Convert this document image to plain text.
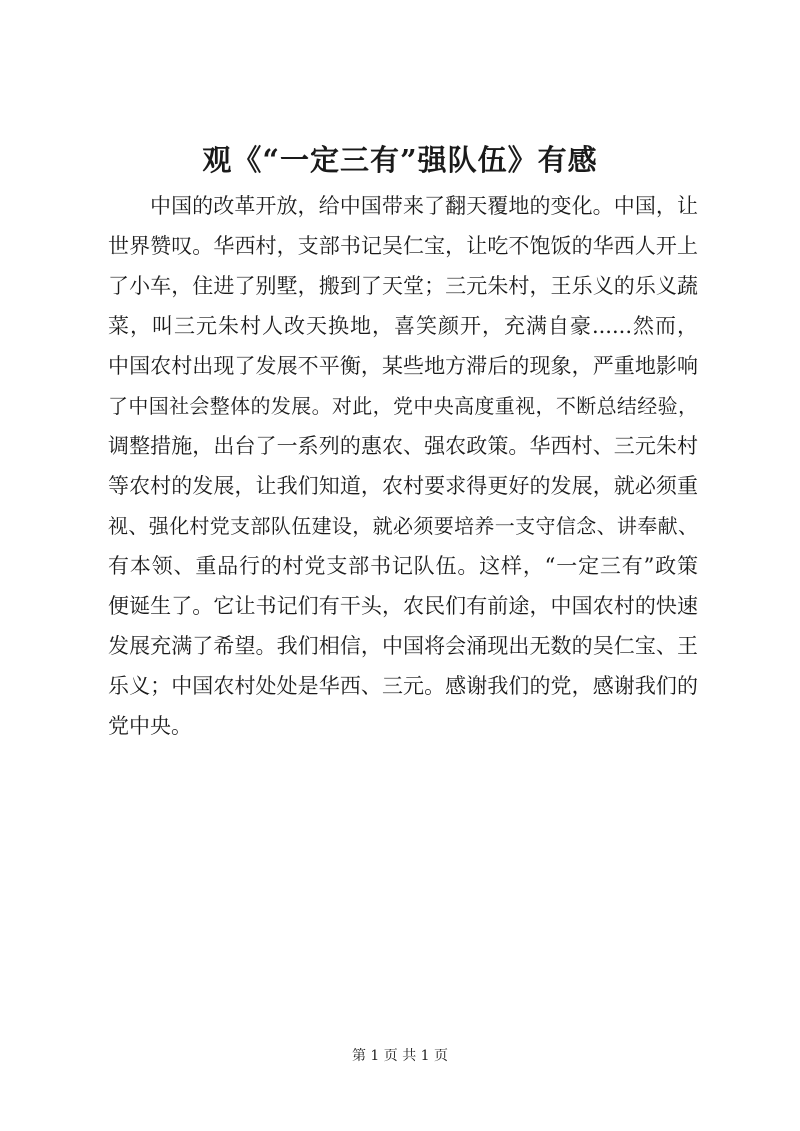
观《“一定三有”强队伍》有感
中国的改革开放，给中国带来了翻天覆地的变化。中国，让
世界赞叹。华西村，支部书记吴仁宝，让吃不饱饭的华西人开上
了小车，住进了别墅，搬到了天堂；三元朱村，王乐义的乐义蔬
菜，叫三元朱村人改天换地，喜笑颜开，充满自豪......然而，
中国农村出现了发展不平衡，某些地方滞后的现象，严重地影响
了中国社会整体的发展。对此，党中央高度重视，不断总结经验，
调整措施，出台了一系列的惠农、强农政策。华西村、三元朱村
等农村的发展，让我们知道，农村要求得更好的发展，就必须重
视、强化村党支部队伍建设，就必须要培养一支守信念、讲奉献、
有本领、重品行的村党支部书记队伍。这样，“一定三有”政策
便诞生了。它让书记们有干头，农民们有前途，中国农村的快速
发展充满了希望。我们相信，中国将会涌现出无数的吴仁宝、王
乐义；中国农村处处是华西、三元。感谢我们的党，感谢我们的
党中央。
第 1 页 共 1 页
